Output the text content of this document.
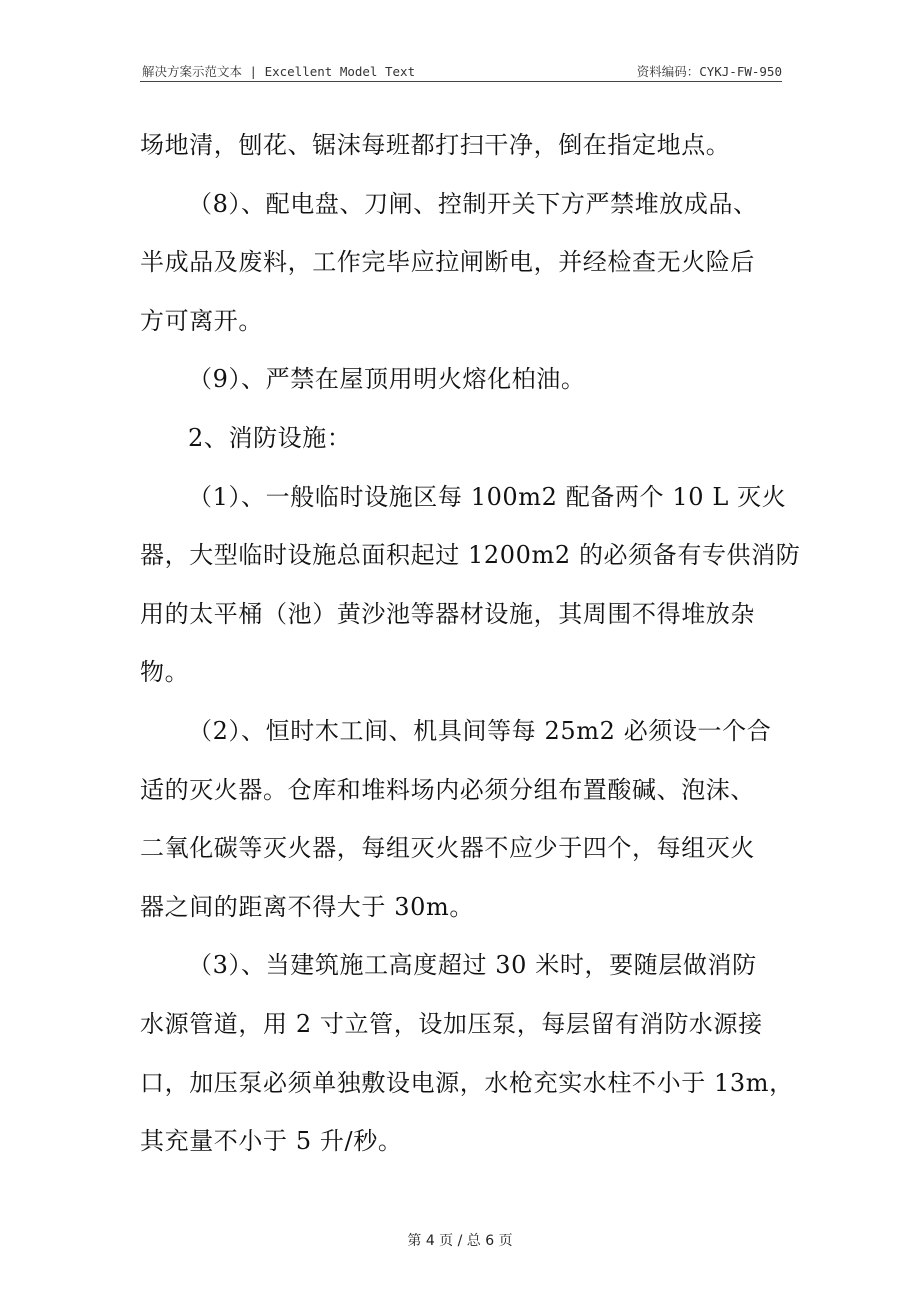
解决方案示范文本 | Excellent Model Text	资料编码：CYKJ-FW-950
场地清，刨花、锯沫每班都打扫干净，倒在指定地点。
（8）、配电盘、刀闸、控制开关下方严禁堆放成品、
半成品及废料，工作完毕应拉闸断电，并经检查无火险后
方可离开。
（9）、严禁在屋顶用明火熔化柏油。
2、消防设施：
（1）、一般临时设施区每 100m2 配备两个 10 L 灭火
器，大型临时设施总面积起过 1200m2 的必须备有专供消防
用的太平桶（池）黄沙池等器材设施，其周围不得堆放杂
物。
（2）、恒时木工间、机具间等每 25m2 必须设一个合
适的灭火器。仓库和堆料场内必须分组布置酸碱、泡沫、
二氧化碳等灭火器，每组灭火器不应少于四个，每组灭火
器之间的距离不得大于 30m。
（3）、当建筑施工高度超过 30 米时，要随层做消防
水源管道，用 2 寸立管，设加压泵，每层留有消防水源接
口，加压泵必须单独敷设电源，水枪充实水柱不小于 13m，
其充量不小于 5 升/秒。
第 4 页 / 总 6 页
